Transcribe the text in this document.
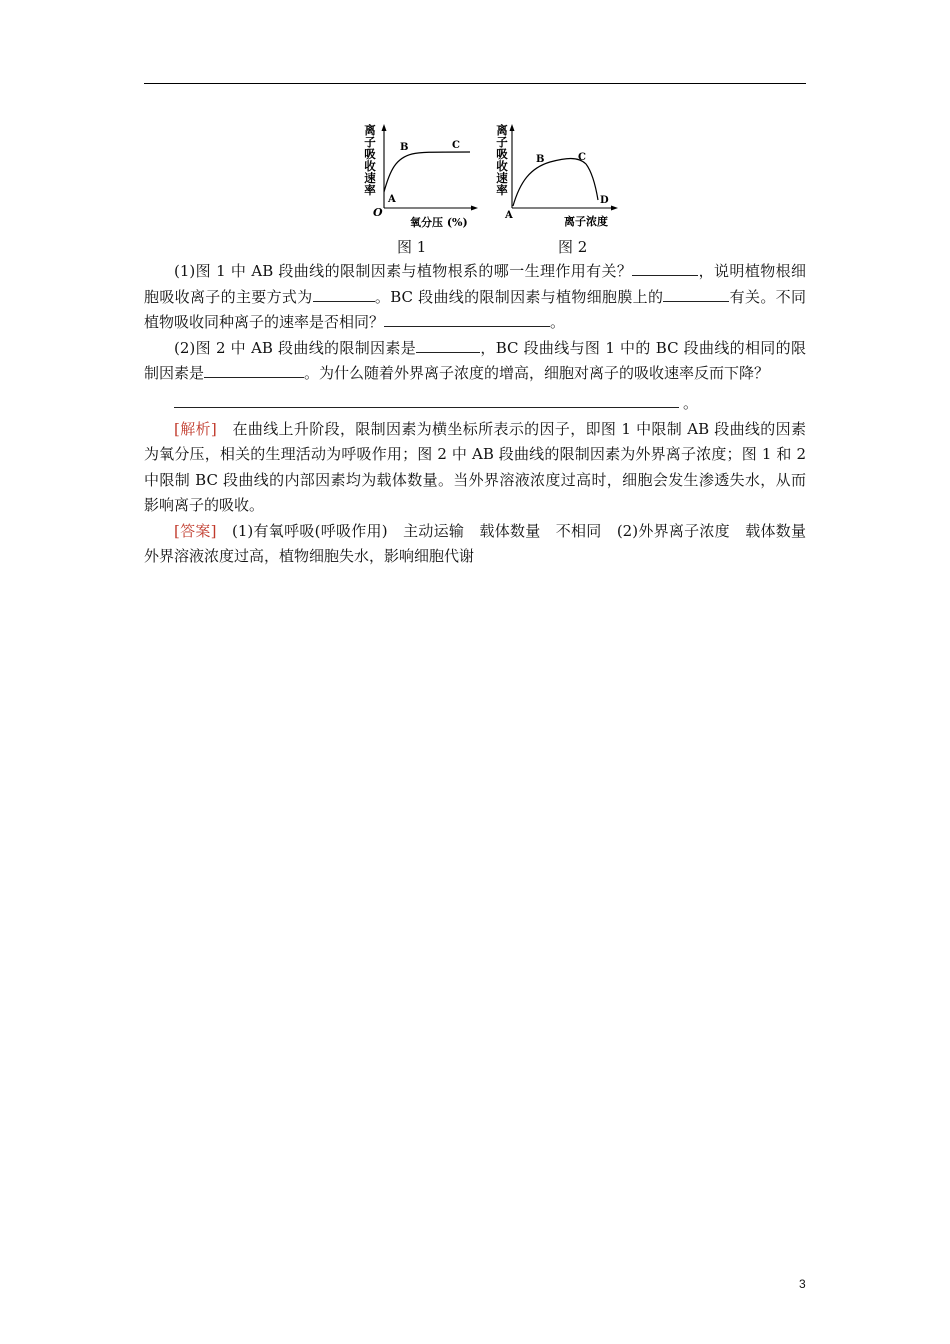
离
子
吸
收
速
率
O
A
B	C
氧分压 (%)
离
子
吸
收
速
率
A
B	C
D
离子浓度
图 1	图 2

(1)图 1 中 AB 段曲线的限制因素与植物根系的哪一生理作用有关？	，说明植物根细胞吸收离子的主要方式为	。BC 段曲线的限制因素与植物细胞膜上的	有关。不同植物吸收同种离子的速率是否相同？	。

(2)图 2 中 AB 段曲线的限制因素是	，BC 段曲线与图 1 中的 BC 段曲线的相同的限制因素是	。为什么随着外界离子浓度的增高，细胞对离子的吸收速率反而下降？

。

[解析]　 在曲线上升阶段，限制因素为横坐标所表示的因子，即图 1 中限制 AB 段曲线的因素为氧分压，相关的生理活动为呼吸作用；图 2 中 AB 段曲线的限制因素为外界离子浓度；图 1 和 2 中限制 BC 段曲线的内部因素均为载体数量。当外界溶液浓度过高时，细胞会发生渗透失水，从而影响离子的吸收。

[答案]　 (1)有氧呼吸(呼吸作用)　主动运输　载体数量　不相同　(2)外界离子浓度　载体数量　外界溶液浓度过高，植物细胞失水，影响细胞代谢

3
